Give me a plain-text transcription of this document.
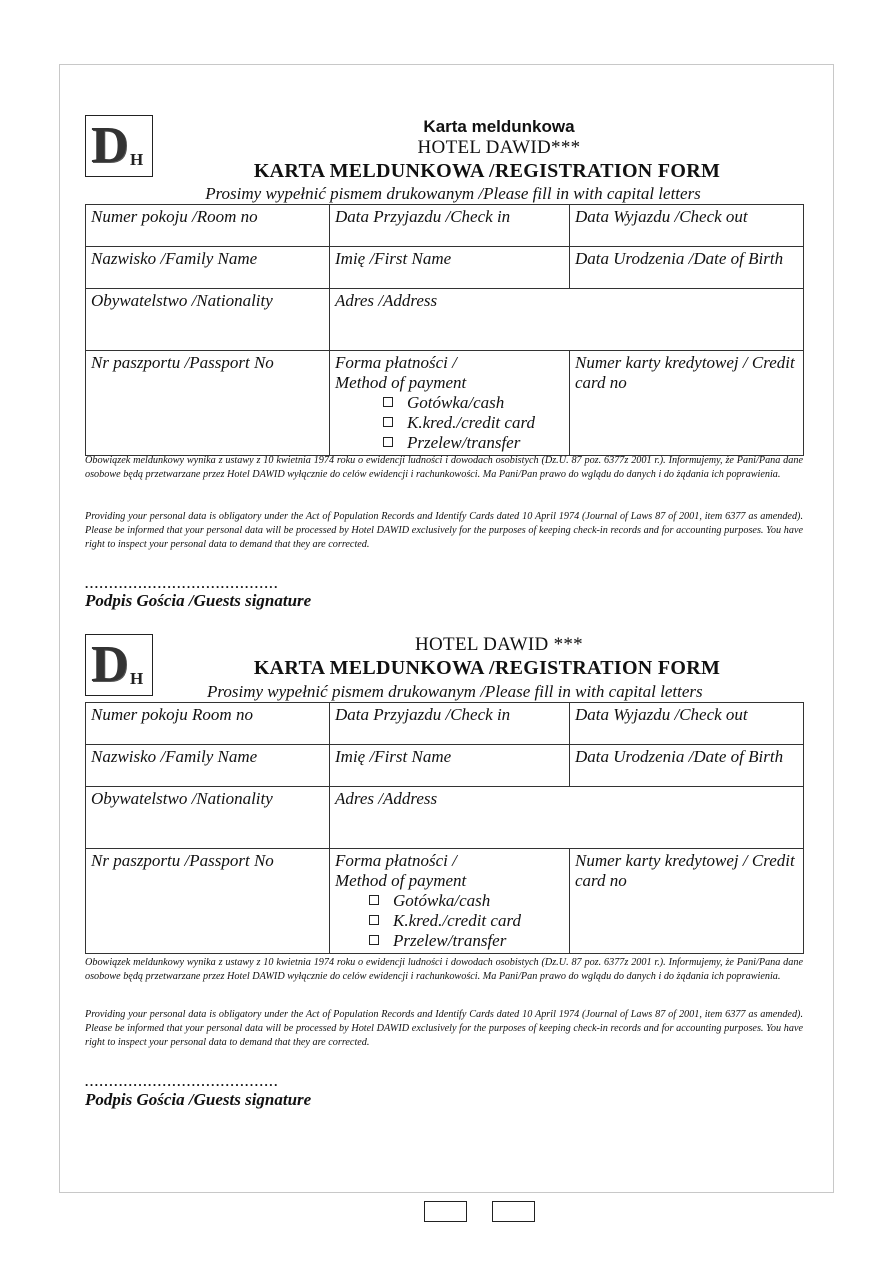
D H
Karta meldunkowa
HOTEL DAWID***
KARTA MELDUNKOWA /REGISTRATION FORM
Prosimy wypełnić pismem drukowanym /Please fill in with capital letters
Numer pokoju /Room no	Data Przyjazdu /Check in	Data Wyjazdu /Check out
Nazwisko /Family Name	Imię /First Name	Data Urodzenia /Date of Birth
Obywatelstwo /Nationality	Adres /Address	
Nr paszportu /Passport No	Forma płatności /
Method of payment
Gotówka/cash
K.kred./credit card
Przelew/transfer	Numer karty kredytowej / Credit card no
Obowiązek meldunkowy wynika z ustawy z 10 kwietnia 1974 roku o ewidencji ludności i dowodach osobistych (Dz.U. 87 poz. 6377z 2001 r.). Informujemy, że Pani/Pana dane osobowe będą przetwarzane przez Hotel DAWID wyłącznie do celów ewidencji i rachunkowości. Ma Pani/Pan prawo do wglądu do danych i do żądania ich poprawienia.
Providing your personal data is obligatory under the Act of Population Records and Identify Cards dated 10 April 1974 (Journal of Laws 87 of 2001, item 6377 as amended). Please be informed that your personal data will be processed by Hotel DAWID exclusively for the purposes of keeping check-in records and for accounting purposes. You have right to inspect your personal data to demand that they are corrected.
........................................
Podpis Gościa /Guests signature
D H
HOTEL DAWID ***
KARTA MELDUNKOWA /REGISTRATION FORM
Prosimy wypełnić pismem drukowanym /Please fill in with capital letters
Numer pokoju Room no	Data Przyjazdu /Check in	Data Wyjazdu /Check out
Nazwisko /Family Name	Imię /First Name	Data Urodzenia /Date of Birth
Obywatelstwo /Nationality	Adres /Address	
Nr paszportu /Passport No	Forma płatności /
Method of payment
Gotówka/cash
K.kred./credit card
Przelew/transfer	Numer karty kredytowej / Credit card no
Obowiązek meldunkowy wynika z ustawy z 10 kwietnia 1974 roku o ewidencji ludności i dowodach osobistych (Dz.U. 87 poz. 6377z 2001 r.). Informujemy, że Pani/Pana dane osobowe będą przetwarzane przez Hotel DAWID wyłącznie do celów ewidencji i rachunkowości. Ma Pani/Pan prawo do wglądu do danych i do żądania ich poprawienia.
Providing your personal data is obligatory under the Act of Population Records and Identify Cards dated 10 April 1974 (Journal of Laws 87 of 2001, item 6377 as amended). Please be informed that your personal data will be processed by Hotel DAWID exclusively for the purposes of keeping check-in records and for accounting purposes. You have right to inspect your personal data to demand that they are corrected.
........................................
Podpis Gościa /Guests signature
